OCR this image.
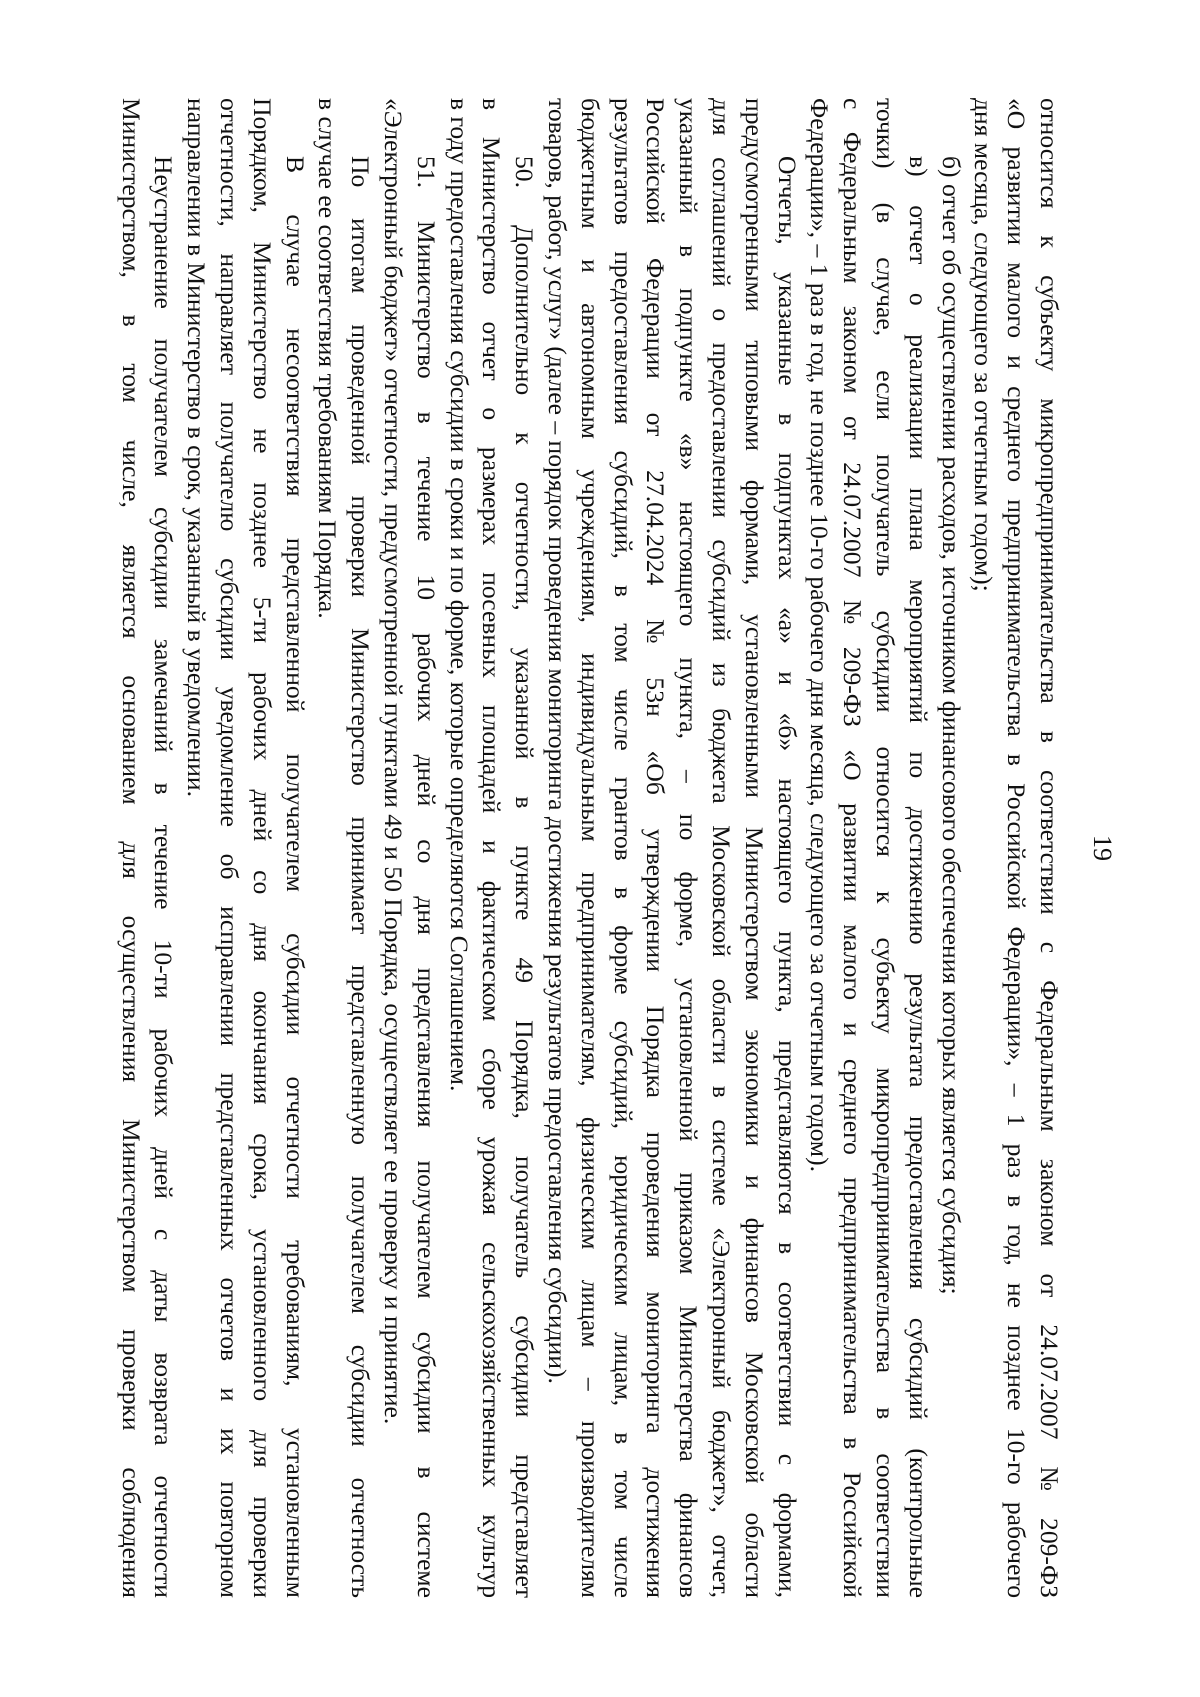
19
относится к субъекту микропредпринимательства в соответствии с Федеральным законом от 24.07.2007 № 209-ФЗ
«О развитии малого и среднего предпринимательства в Российской Федерации», – 1 раз в год, не позднее 10-го рабочего
дня месяца, следующего за отчетным годом);
б) отчет об осуществлении расходов, источником финансового обеспечения которых является субсидия;
в) отчет о реализации плана мероприятий по достижению результата предоставления субсидий (контрольные
точки) (в случае, если получатель субсидии относится к субъекту микропредпринимательства в соответствии
с Федеральным законом от 24.07.2007 № 209-ФЗ «О развитии малого и среднего предпринимательства в Российской
Федерации», – 1 раз в год, не позднее 10-го рабочего дня месяца, следующего за отчетным годом).
Отчеты, указанные в подпунктах «а» и «б» настоящего пункта, представляются в соответствии с формами,
предусмотренными типовыми формами, установленными Министерством экономики и финансов Московской области
для соглашений о предоставлении субсидий из бюджета Московской области в системе «Электронный бюджет», отчет,
указанный в подпункте «в» настоящего пункта, – по форме, установленной приказом Министерства финансов
Российской Федерации от 27.04.2024 № 53н «Об утверждении Порядка проведения мониторинга достижения
результатов предоставления субсидий, в том числе грантов в форме субсидий, юридическим лицам, в том числе
бюджетным и автономным учреждениям, индивидуальным предпринимателям, физическим лицам – производителям
товаров, работ, услуг» (далее – порядок проведения мониторинга достижения результатов предоставления субсидии).
50. Дополнительно к отчетности, указанной в пункте 49 Порядка, получатель субсидии представляет
в Министерство отчет о размерах посевных площадей и фактическом сборе урожая сельскохозяйственных культур
в году предоставления субсидии в сроки и по форме, которые определяются Соглашением.
51. Министерство в течение 10 рабочих дней со дня представления получателем субсидии в системе
«Электронный бюджет» отчетности, предусмотренной пунктами 49 и 50 Порядка, осуществляет ее проверку и принятие.
По итогам проведенной проверки Министерство принимает представленную получателем субсидии отчетность
в случае ее соответствия требованиям Порядка.
В случае несоответствия представленной получателем субсидии отчетности требованиям, установленным
Порядком, Министерство не позднее 5-ти рабочих дней со дня окончания срока, установленного для проверки
отчетности, направляет получателю субсидии уведомление об исправлении представленных отчетов и их повторном
направлении в Министерство в срок, указанный в уведомлении.
Неустранение получателем субсидии замечаний в течение 10-ти рабочих дней с даты возврата отчетности
Министерством, в том числе, является основанием для осуществления Министерством проверки соблюдения
